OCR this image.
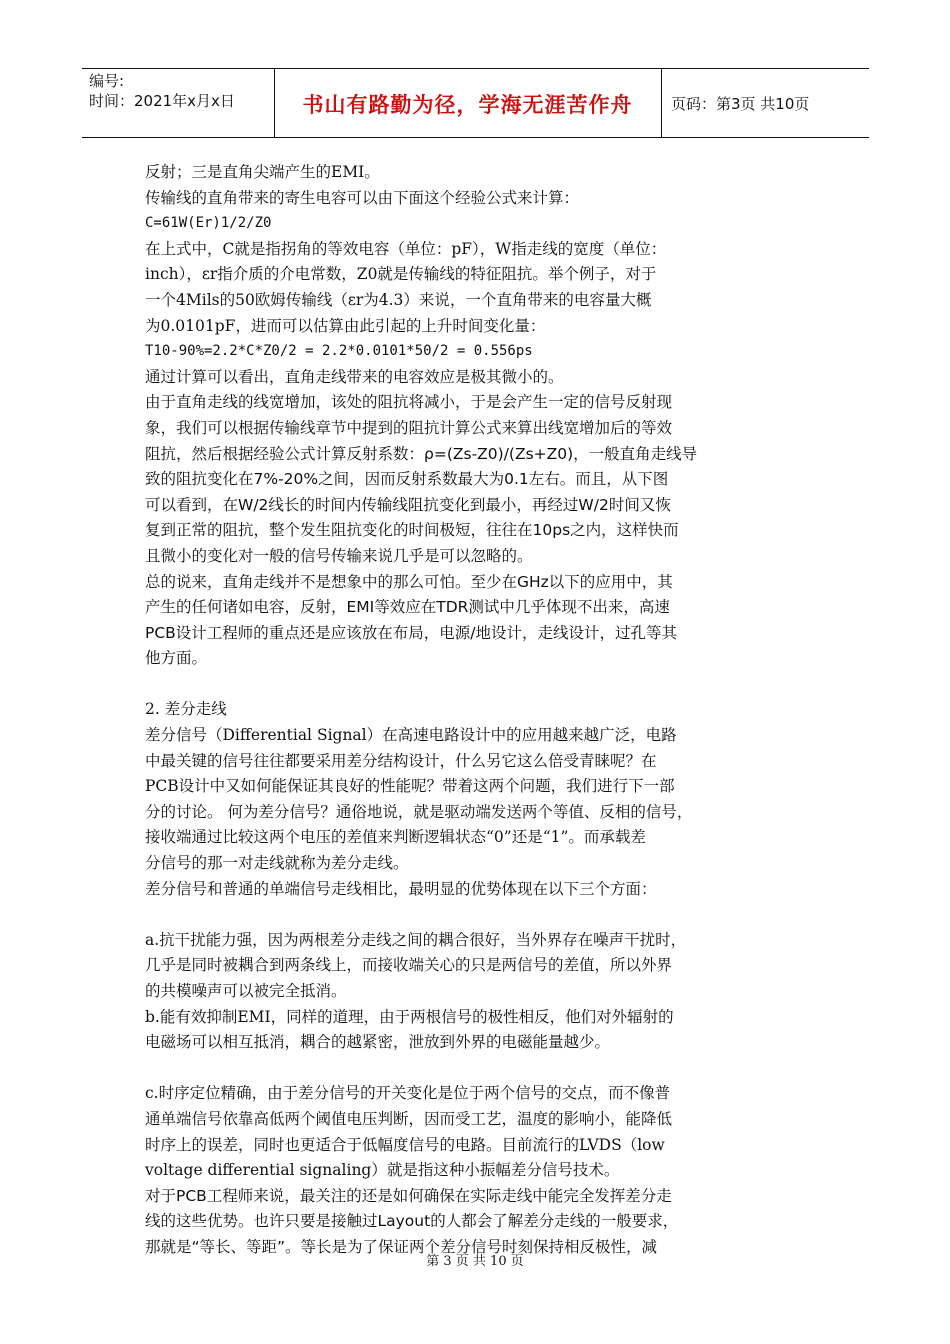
编号:
时间：2021年x月x日	书山有路勤为径，学海无涯苦作舟	页码：第3页 共10页
反射；三是直角尖端产生的EMI。
传输线的直角带来的寄生电容可以由下面这个经验公式来计算：
C=61W(Er)1/2/Z0
在上式中，C就是指拐角的等效电容（单位：pF），W指走线的宽度（单位：
inch），εr指介质的介电常数，Z0就是传输线的特征阻抗。举个例子，对于
一个4Mils的50欧姆传输线（εr为4.3）来说，一个直角带来的电容量大概
为0.0101pF，进而可以估算由此引起的上升时间变化量：
T10-90%=2.2*C*Z0/2 = 2.2*0.0101*50/2 = 0.556ps
通过计算可以看出，直角走线带来的电容效应是极其微小的。
由于直角走线的线宽增加，该处的阻抗将减小，于是会产生一定的信号反射现
象，我们可以根据传输线章节中提到的阻抗计算公式来算出线宽增加后的等效
阻抗，然后根据经验公式计算反射系数：ρ=(Zs-Z0)/(Zs+Z0)，一般直角走线导
致的阻抗变化在7%-20%之间，因而反射系数最大为0.1左右。而且，从下图
可以看到，在W/2线长的时间内传输线阻抗变化到最小，再经过W/2时间又恢
复到正常的阻抗，整个发生阻抗变化的时间极短，往往在10ps之内，这样快而
且微小的变化对一般的信号传输来说几乎是可以忽略的。
总的说来，直角走线并不是想象中的那么可怕。至少在GHz以下的应用中，其
产生的任何诸如电容，反射，EMI等效应在TDR测试中几乎体现不出来，高速
PCB设计工程师的重点还是应该放在布局，电源/地设计，走线设计，过孔等其
他方面。
2. 差分走线
差分信号（Differential Signal）在高速电路设计中的应用越来越广泛，电路
中最关键的信号往往都要采用差分结构设计，什么另它这么倍受青睐呢？在
PCB设计中又如何能保证其良好的性能呢？带着这两个问题，我们进行下一部
分的讨论。 何为差分信号？通俗地说，就是驱动端发送两个等值、反相的信号，
接收端通过比较这两个电压的差值来判断逻辑状态“0”还是“1”。而承载差
分信号的那一对走线就称为差分走线。
差分信号和普通的单端信号走线相比，最明显的优势体现在以下三个方面：
a.抗干扰能力强，因为两根差分走线之间的耦合很好，当外界存在噪声干扰时，
几乎是同时被耦合到两条线上，而接收端关心的只是两信号的差值，所以外界
的共模噪声可以被完全抵消。
b.能有效抑制EMI，同样的道理，由于两根信号的极性相反，他们对外辐射的
电磁场可以相互抵消，耦合的越紧密，泄放到外界的电磁能量越少。
c.时序定位精确，由于差分信号的开关变化是位于两个信号的交点，而不像普
通单端信号依靠高低两个阈值电压判断，因而受工艺，温度的影响小，能降低
时序上的误差，同时也更适合于低幅度信号的电路。目前流行的LVDS（low
voltage differential signaling）就是指这种小振幅差分信号技术。
对于PCB工程师来说，最关注的还是如何确保在实际走线中能完全发挥差分走
线的这些优势。也许只要是接触过Layout的人都会了解差分走线的一般要求，
那就是“等长、等距”。等长是为了保证两个差分信号时刻保持相反极性，减
第 3 页 共 10 页
